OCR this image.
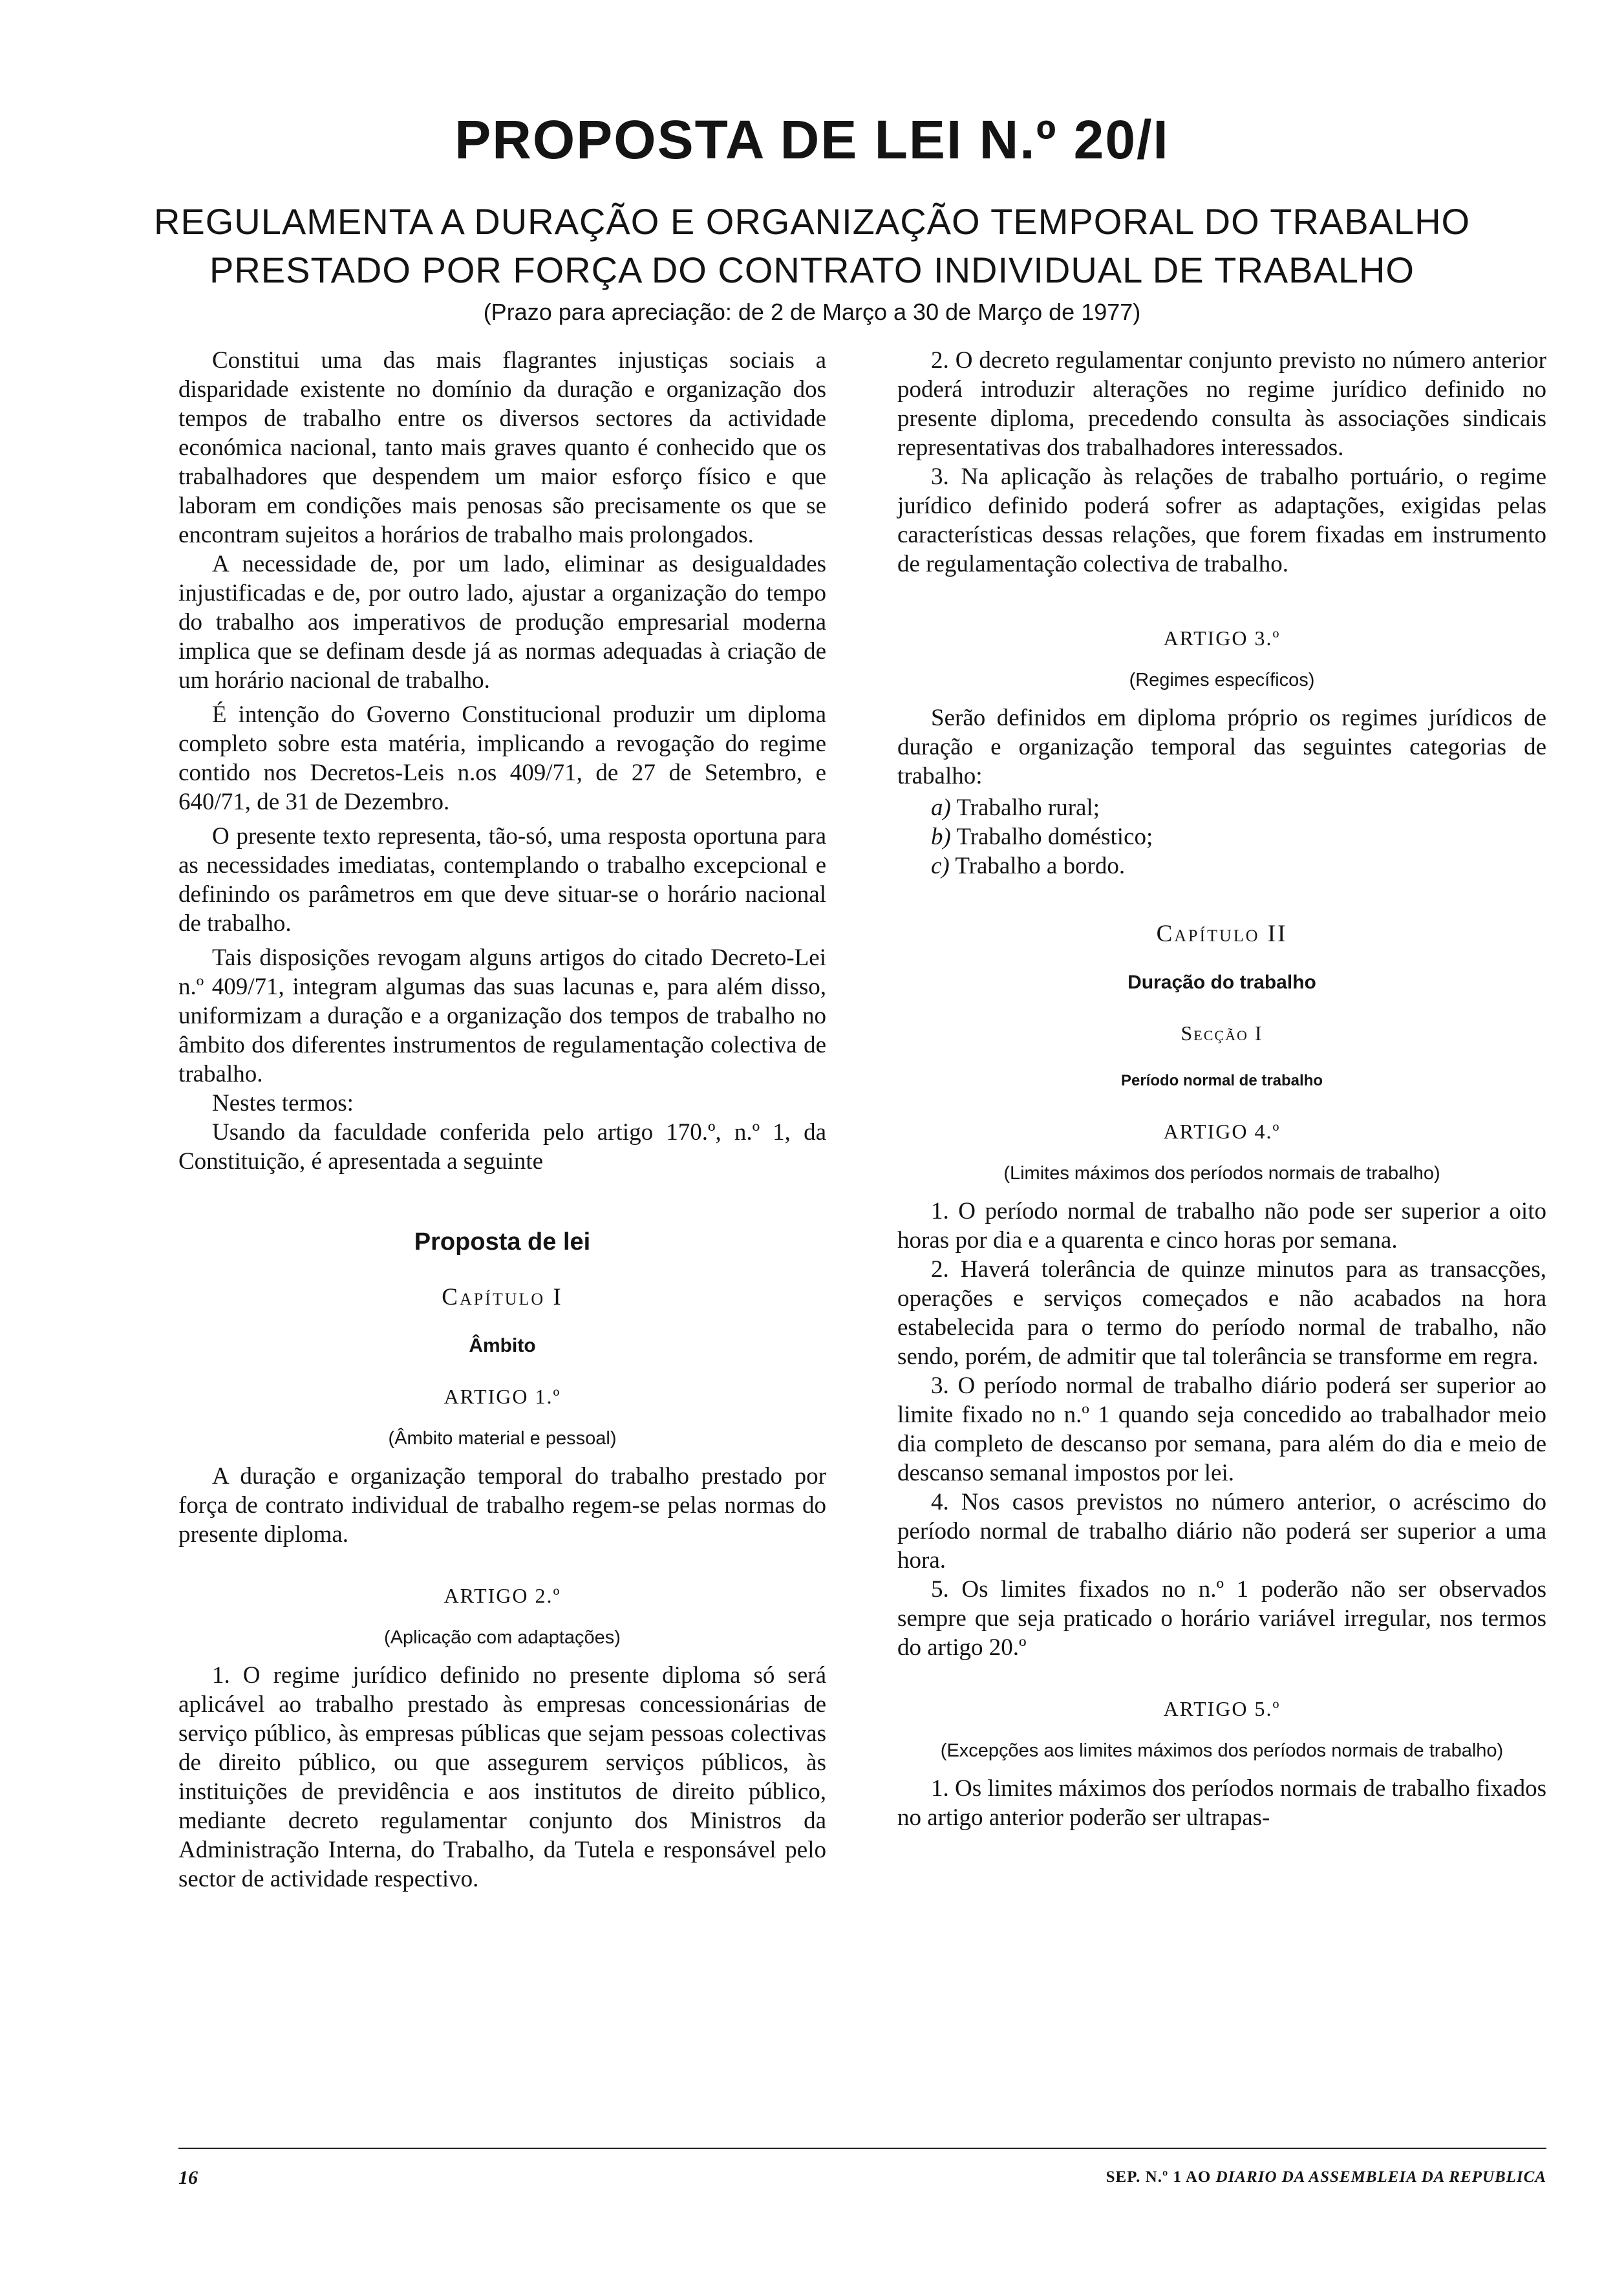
PROPOSTA DE LEI N.º 20/I
REGULAMENTA A DURAÇÃO E ORGANIZAÇÃO TEMPORAL DO TRABALHO
PRESTADO POR FORÇA DO CONTRATO INDIVIDUAL DE TRABALHO
(Prazo para apreciação: de 2 de Março a 30 de Março de 1977)

Constitui uma das mais flagrantes injustiças sociais a disparidade existente no domínio da duração e organização dos tempos de trabalho entre os diversos sectores da actividade económica nacional, tanto mais graves quanto é conhecido que os trabalhadores que despendem um maior esforço físico e que laboram em condições mais penosas são precisamente os que se encontram sujeitos a horários de trabalho mais prolongados.

A necessidade de, por um lado, eliminar as desigualdades injustificadas e de, por outro lado, ajustar a organização do tempo do trabalho aos imperativos de produção empresarial moderna implica que se definam desde já as normas adequadas à criação de um horário nacional de trabalho.

É intenção do Governo Constitucional produzir um diploma completo sobre esta matéria, implicando a revogação do regime contido nos Decretos-Leis n.os 409/71, de 27 de Setembro, e 640/71, de 31 de Dezembro.

O presente texto representa, tão-só, uma resposta oportuna para as necessidades imediatas, contemplando o trabalho excepcional e definindo os parâmetros em que deve situar-se o horário nacional de trabalho.

Tais disposições revogam alguns artigos do citado Decreto-Lei n.º 409/71, integram algumas das suas lacunas e, para além disso, uniformizam a duração e a organização dos tempos de trabalho no âmbito dos diferentes instrumentos de regulamentação colectiva de trabalho.

Nestes termos:

Usando da faculdade conferida pelo artigo 170.º, n.º 1, da Constituição, é apresentada a seguinte

Proposta de lei
Capítulo I
Âmbito
ARTIGO 1.º
(Âmbito material e pessoal)

A duração e organização temporal do trabalho prestado por força de contrato individual de trabalho regem-se pelas normas do presente diploma.

ARTIGO 2.º
(Aplicação com adaptações)

1. O regime jurídico definido no presente diploma só será aplicável ao trabalho prestado às empresas concessionárias de serviço público, às empresas públicas que sejam pessoas colectivas de direito público, ou que assegurem serviços públicos, às instituições de previdência e aos institutos de direito público, mediante decreto regulamentar conjunto dos Ministros da Administração Interna, do Trabalho, da Tutela e responsável pelo sector de actividade respectivo.

2. O decreto regulamentar conjunto previsto no número anterior poderá introduzir alterações no regime jurídico definido no presente diploma, precedendo consulta às associações sindicais representativas dos trabalhadores interessados.

3. Na aplicação às relações de trabalho portuário, o regime jurídico definido poderá sofrer as adaptações, exigidas pelas características dessas relações, que forem fixadas em instrumento de regulamentação colectiva de trabalho.

ARTIGO 3.º
(Regimes específicos)

Serão definidos em diploma próprio os regimes jurídicos de duração e organização temporal das seguintes categorias de trabalho:

a) Trabalho rural;

b) Trabalho doméstico;

c) Trabalho a bordo.

Capítulo II
Duração do trabalho
Secção I
Período normal de trabalho
ARTIGO 4.º
(Limites máximos dos períodos normais de trabalho)

1. O período normal de trabalho não pode ser superior a oito horas por dia e a quarenta e cinco horas por semana.

2. Haverá tolerância de quinze minutos para as transacções, operações e serviços começados e não acabados na hora estabelecida para o termo do período normal de trabalho, não sendo, porém, de admitir que tal tolerância se transforme em regra.

3. O período normal de trabalho diário poderá ser superior ao limite fixado no n.º 1 quando seja concedido ao trabalhador meio dia completo de descanso por semana, para além do dia e meio de descanso semanal impostos por lei.

4. Nos casos previstos no número anterior, o acréscimo do período normal de trabalho diário não poderá ser superior a uma hora.

5. Os limites fixados no n.º 1 poderão não ser observados sempre que seja praticado o horário variável irregular, nos termos do artigo 20.º

ARTIGO 5.º
(Excepções aos limites máximos dos períodos normais de trabalho)

1. Os limites máximos dos períodos normais de trabalho fixados no artigo anterior poderão ser ultrapas-

16	SEP. N.º 1 AO DIARIO DA ASSEMBLEIA DA REPUBLICA
